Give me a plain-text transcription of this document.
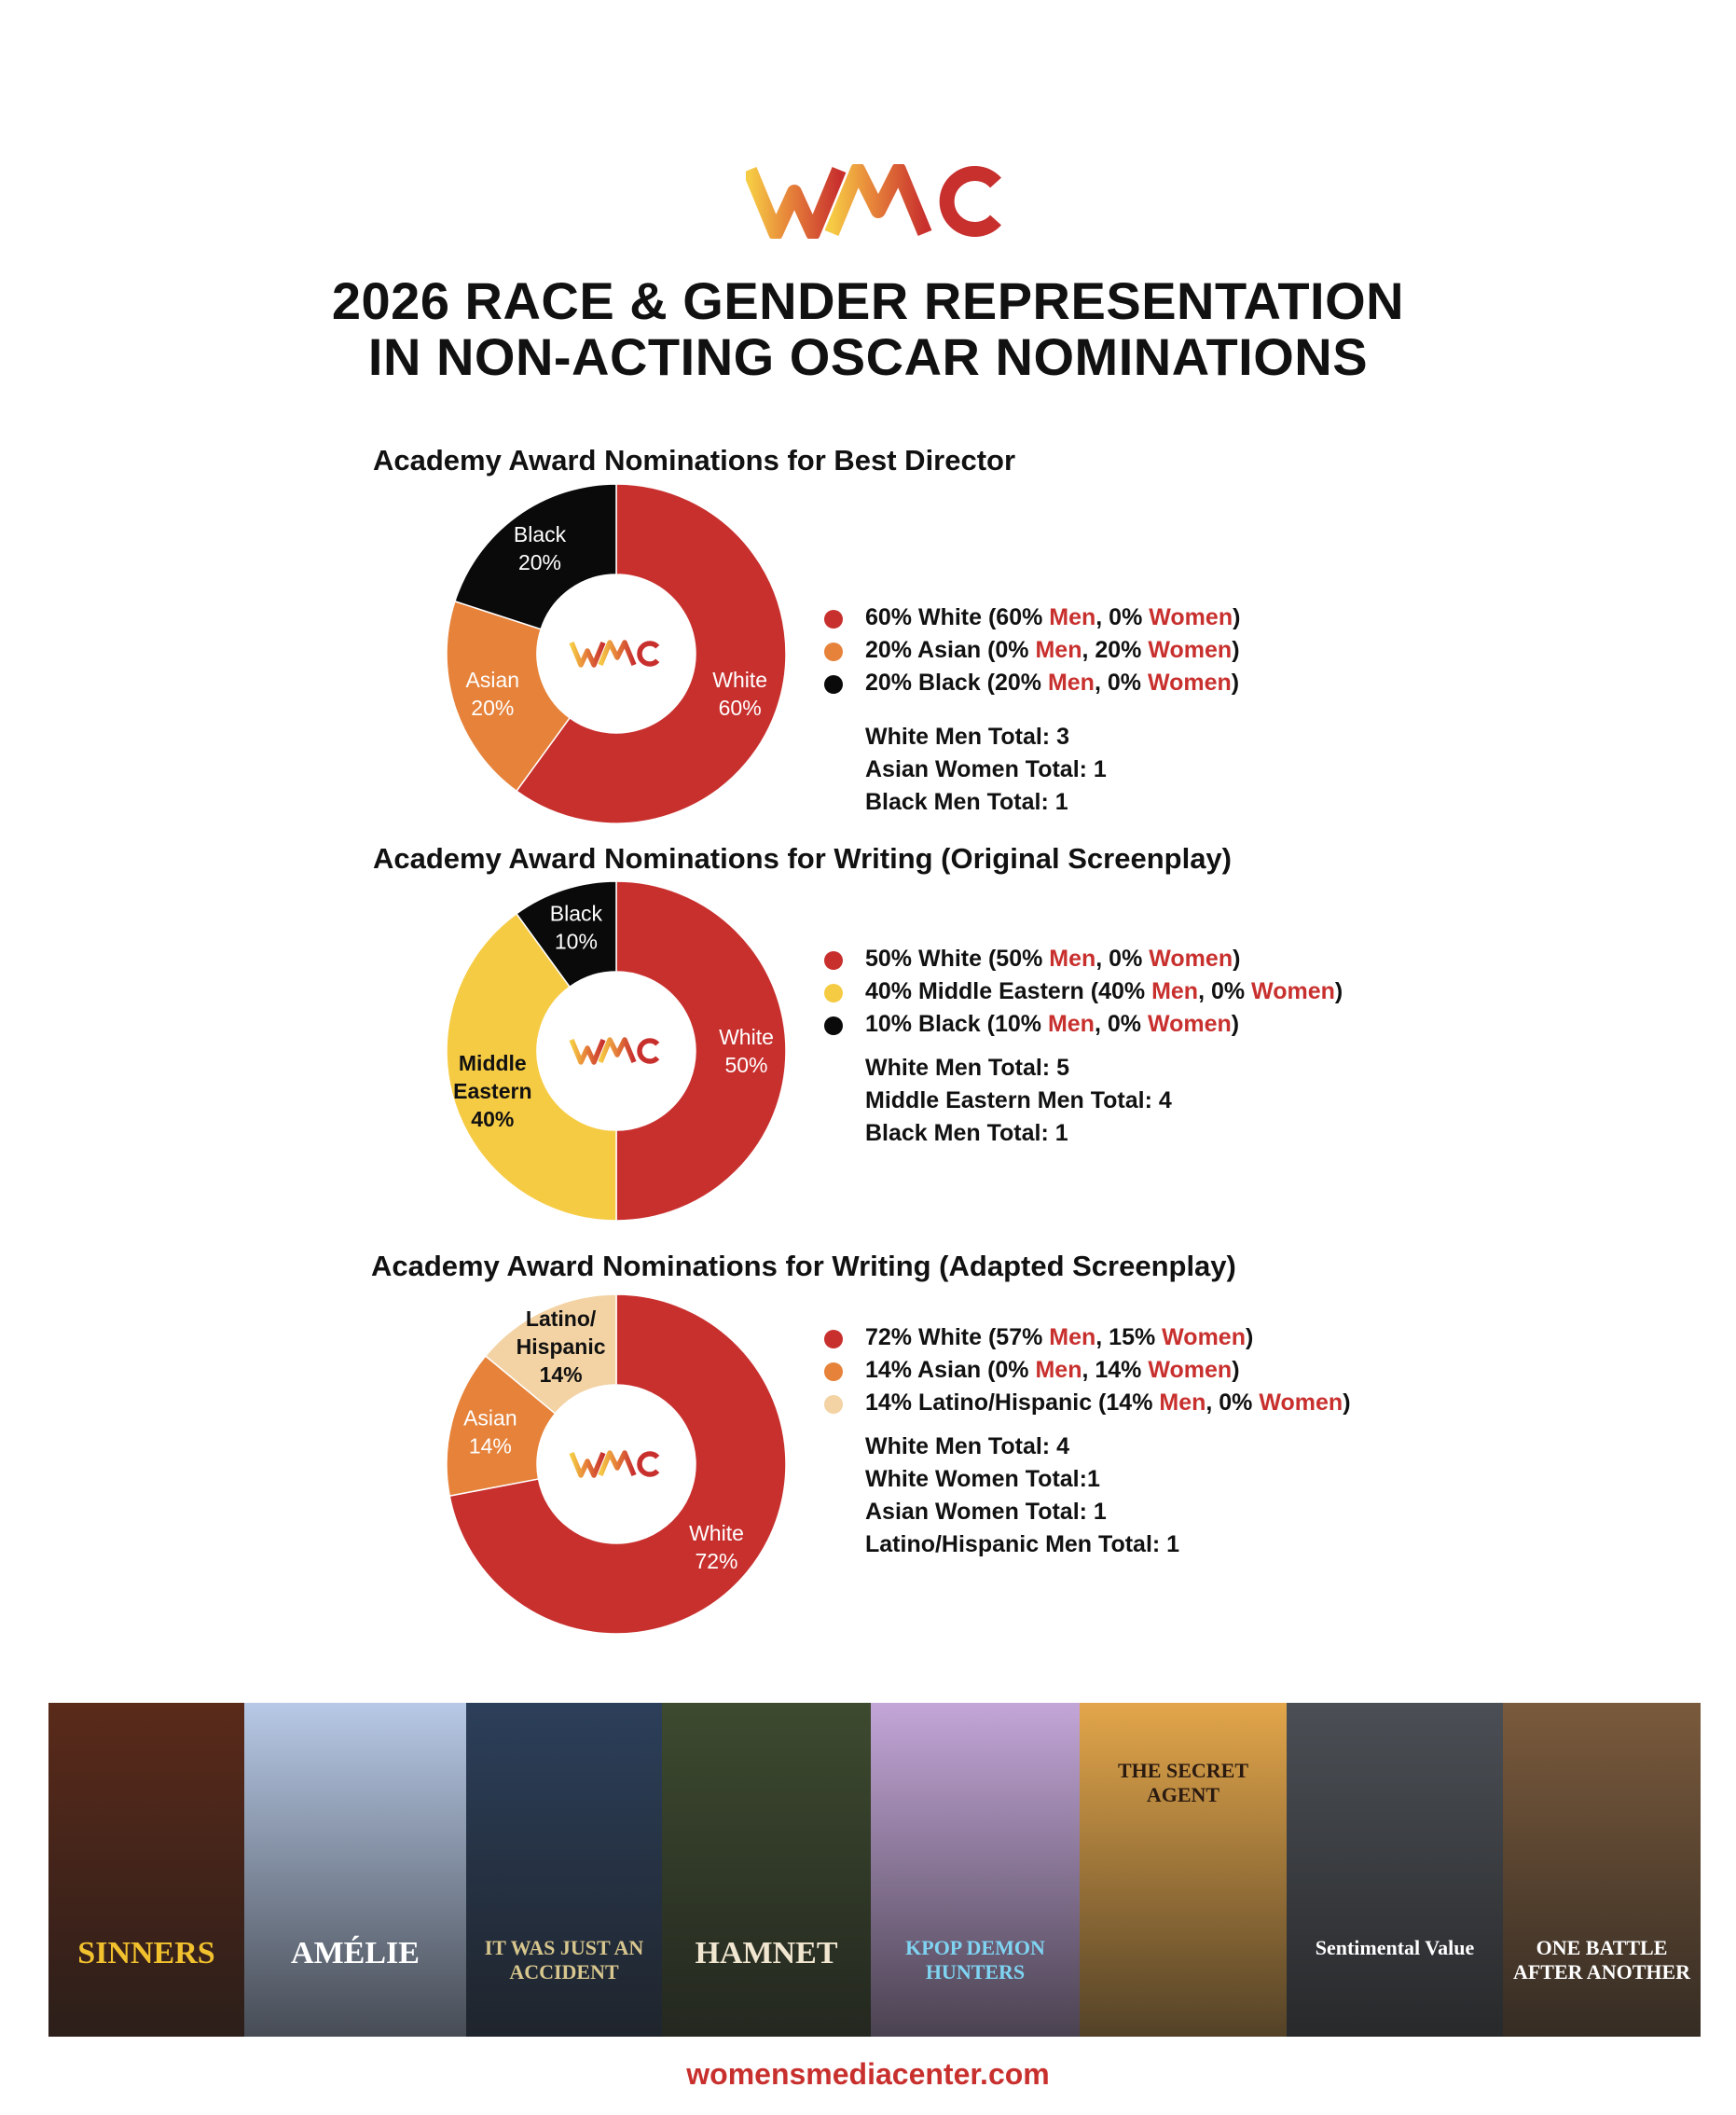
2026 RACE & GENDER REPRESENTATION
IN NON-ACTING OSCAR NOMINATIONS
Academy Award Nominations for Best Director
White 60%
Asian 20%
Black 20%
60% White (60% Men, 0% Women)
20% Asian (0% Men, 20% Women)
20% Black (20% Men, 0% Women)
White Men Total: 3
Asian Women Total: 1
Black Men Total: 1
Academy Award Nominations for Writing (Original Screenplay)
White 50%
Middle Eastern 40%
Black 10%
50% White (50% Men, 0% Women)
40% Middle Eastern (40% Men, 0% Women)
10% Black (10% Men, 0% Women)
White Men Total: 5
Middle Eastern Men Total: 4
Black Men Total: 1
Academy Award Nominations for Writing (Adapted Screenplay)
White 72%
Asian 14%
Latino/ Hispanic 14%
72% White (57% Men, 15% Women)
14% Asian (0% Men, 14% Women)
14% Latino/Hispanic (14% Men, 0% Women)
White Men Total: 4
White Women Total:1
Asian Women Total: 1
Latino/Hispanic Men Total: 1
SINNERS	AMÉLIE	IT WAS JUST AN ACCIDENT
HAMNET	KPOP DEMON HUNTERS
THE SECRET AGENT
Sentimental Value	ONE BATTLE AFTER ANOTHER
womensmediacenter.com
